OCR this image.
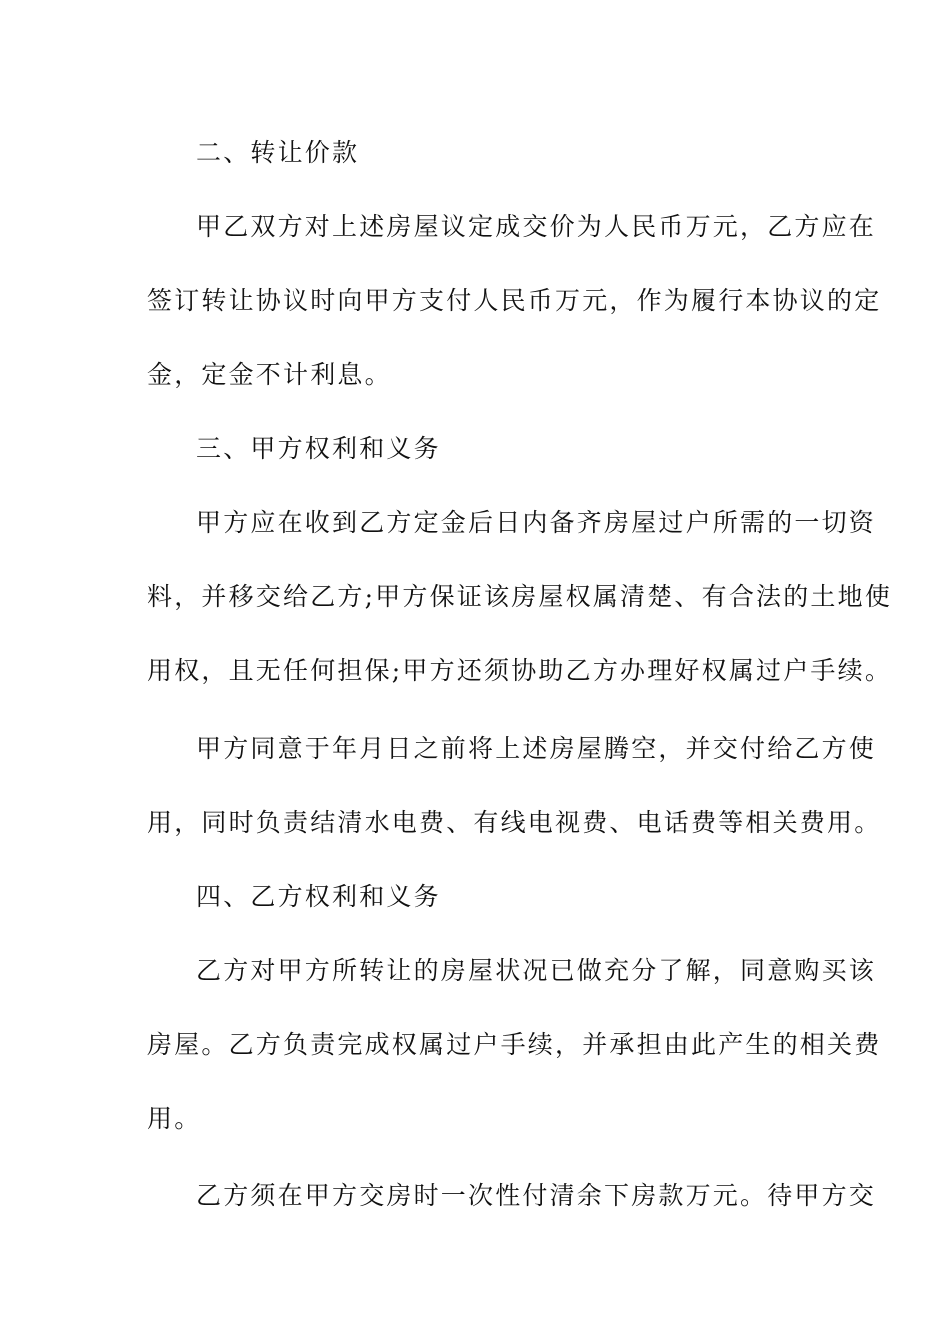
二、转让价款
甲乙双方对上述房屋议定成交价为人民币万元，乙方应在
签订转让协议时向甲方支付人民币万元，作为履行本协议的定
金，定金不计利息。
三、甲方权利和义务
甲方应在收到乙方定金后日内备齐房屋过户所需的一切资
料，并移交给乙方;甲方保证该房屋权属清楚、有合法的土地使
用权，且无任何担保;甲方还须协助乙方办理好权属过户手续。
甲方同意于年月日之前将上述房屋腾空，并交付给乙方使
用，同时负责结清水电费、有线电视费、电话费等相关费用。
四、乙方权利和义务
乙方对甲方所转让的房屋状况已做充分了解，同意购买该
房屋。乙方负责完成权属过户手续，并承担由此产生的相关费
用。
乙方须在甲方交房时一次性付清余下房款万元。待甲方交
